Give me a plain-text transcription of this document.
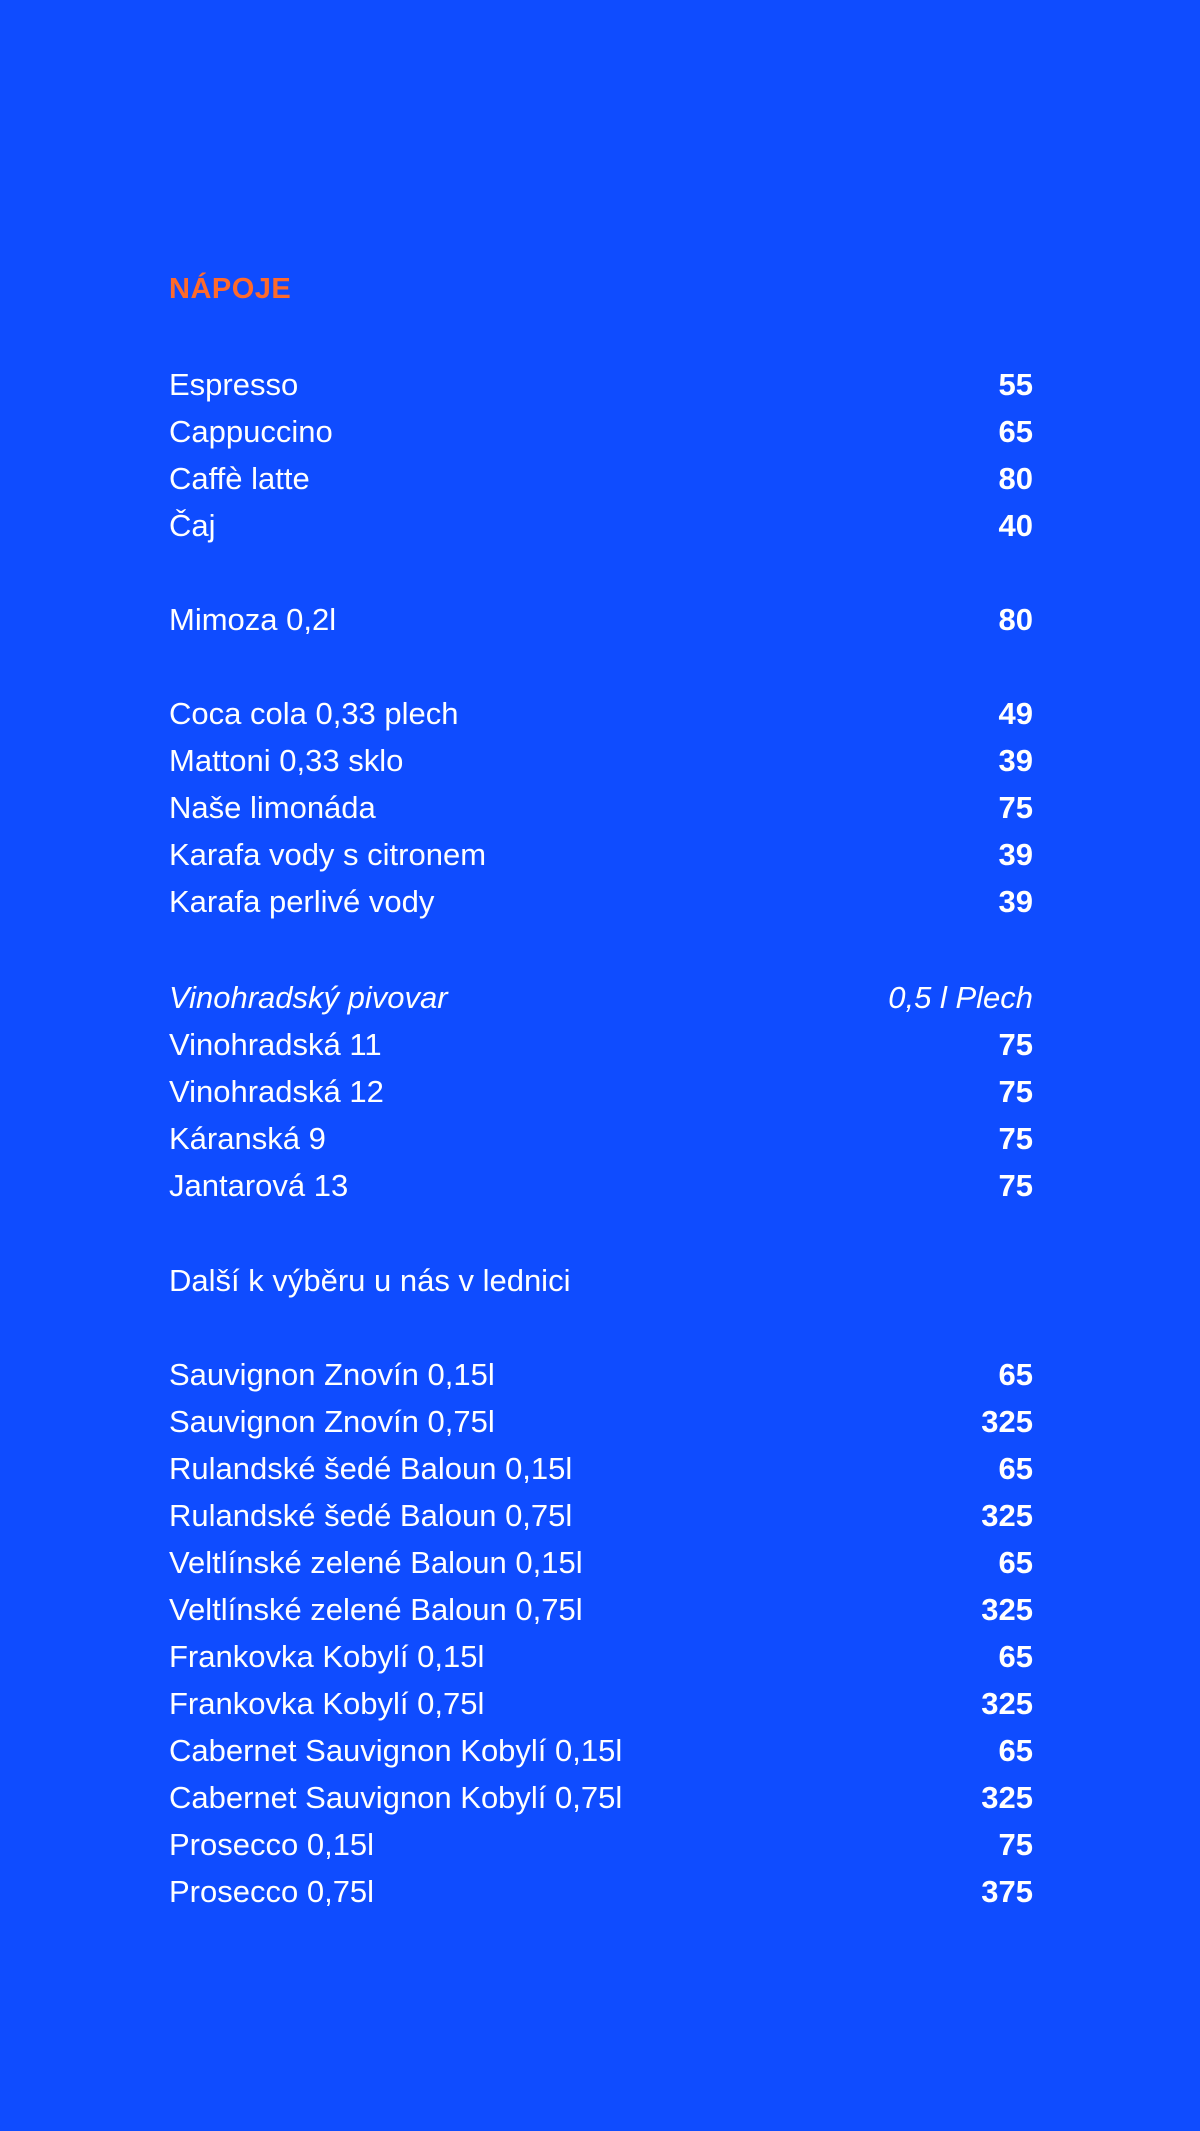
NÁPOJE
Espresso	55
Cappuccino	65
Caffè latte	80
Čaj	40
Mimoza 0,2l	80
Coca cola 0,33 plech	49
Mattoni 0,33 sklo	39
Naše limonáda	75
Karafa vody s citronem	39
Karafa perlivé vody	39
Vinohradský pivovar	0,5 l Plech
Vinohradská 11	75
Vinohradská 12	75
Káranská 9	75
Jantarová 13	75
Další k výběru u nás v lednici
Sauvignon Znovín 0,15l	65
Sauvignon Znovín 0,75l	325
Rulandské šedé Baloun 0,15l	65
Rulandské šedé Baloun 0,75l	325
Veltlínské zelené Baloun 0,15l	65
Veltlínské zelené Baloun 0,75l	325
Frankovka Kobylí 0,15l	65
Frankovka Kobylí 0,75l	325
Cabernet Sauvignon Kobylí 0,15l	65
Cabernet Sauvignon Kobylí 0,75l	325
Prosecco 0,15l	75
Prosecco 0,75l	375
